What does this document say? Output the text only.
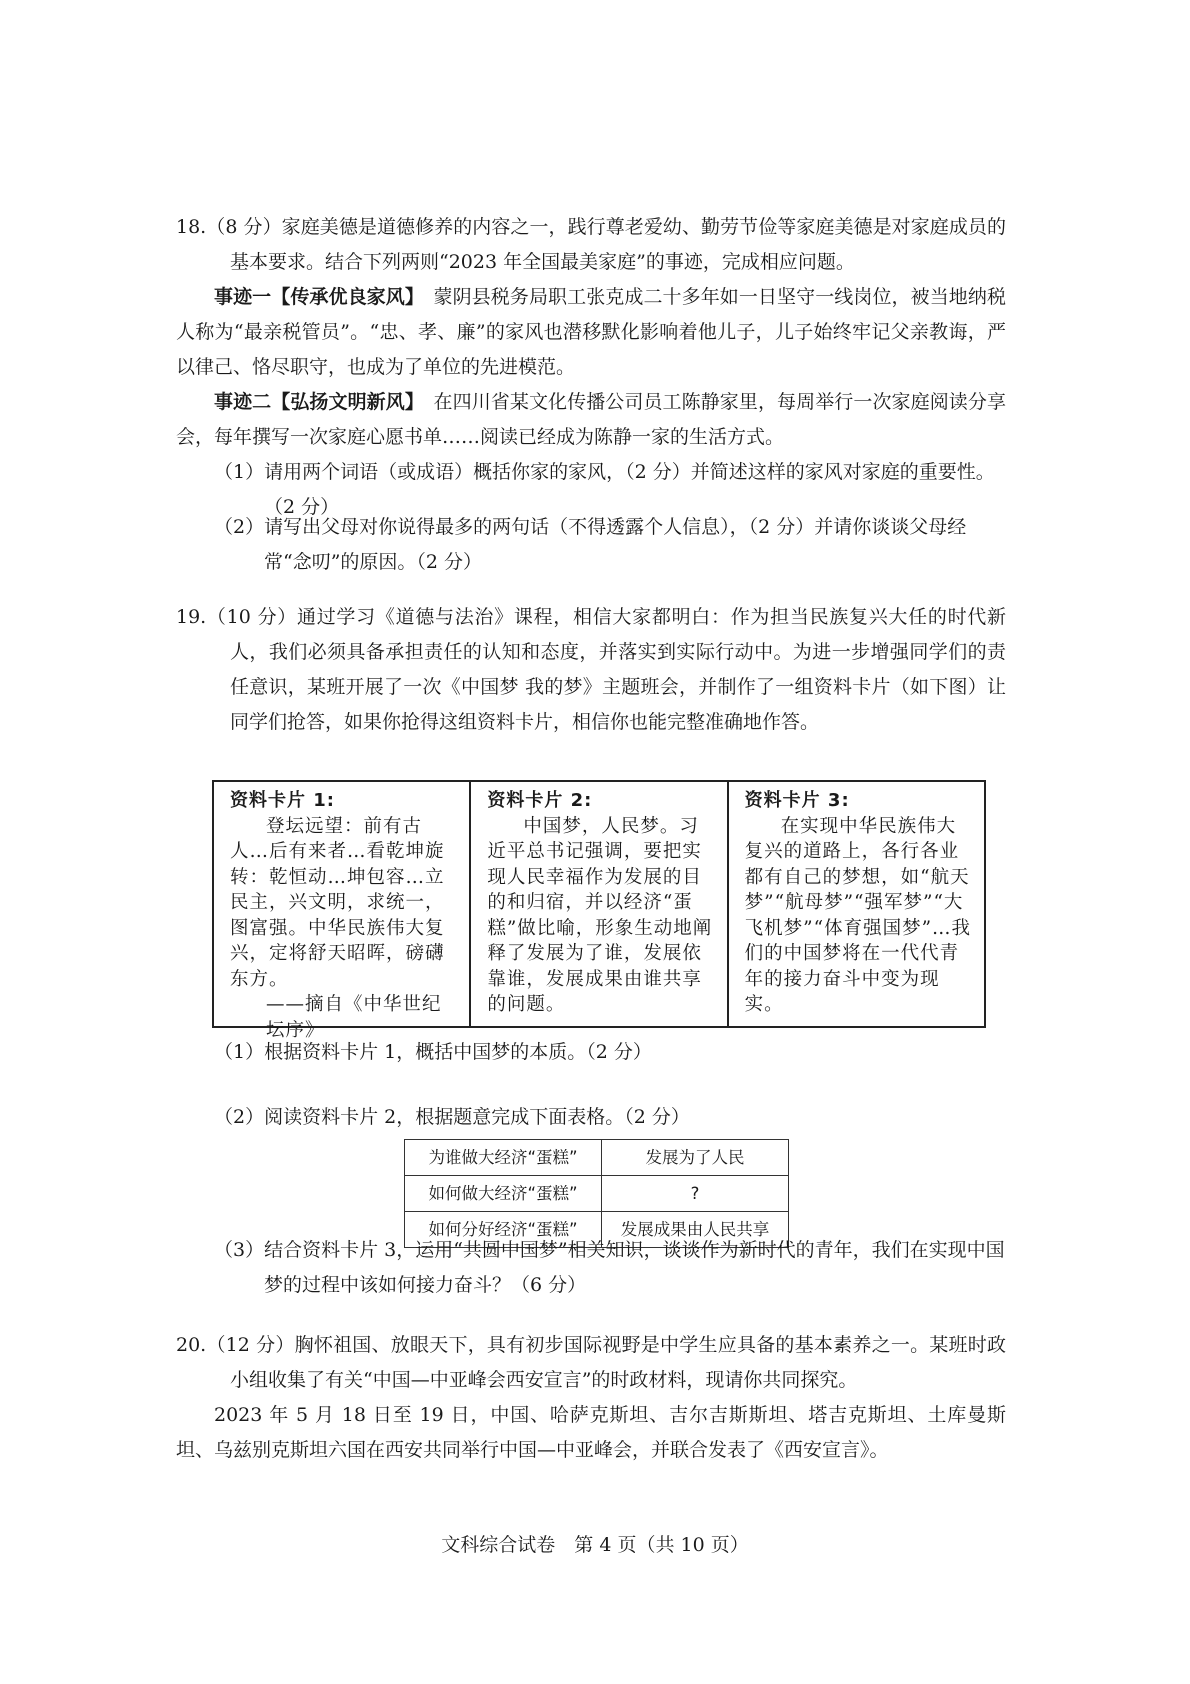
18.（8 分）家庭美德是道德修养的内容之一，践行尊老爱幼、勤劳节俭等家庭美德是对家庭成员的基本要求。结合下列两则“2023 年全国最美家庭”的事迹，完成相应问题。

事迹一【传承优良家风】　 蒙阴县税务局职工张克成二十多年如一日坚守一线岗位，被当地纳税人称为“最亲税管员”。“忠、孝、廉”的家风也潜移默化影响着他儿子，儿子始终牢记父亲教诲，严以律己、恪尽职守，也成为了单位的先进模范。

事迹二【弘扬文明新风】　 在四川省某文化传播公司员工陈静家里，每周举行一次家庭阅读分享会，每年撰写一次家庭心愿书单……阅读已经成为陈静一家的生活方式。

（1）请用两个词语（或成语）概括你家的家风，（2 分）并简述这样的家风对家庭的重要性。（2 分）

（2）请写出父母对你说得最多的两句话（不得透露个人信息），（2 分）并请你谈谈父母经常“念叨”的原因。（2 分）

19.（10 分）通过学习《道德与法治》课程，相信大家都明白：作为担当民族复兴大任的时代新人，我们必须具备承担责任的认知和态度，并落实到实际行动中。为进一步增强同学们的责任意识，某班开展了一次《中国梦 我的梦》主题班会，并制作了一组资料卡片（如下图）让同学们抢答，如果你抢得这组资料卡片，相信你也能完整准确地作答。

资料卡片 1:

登坛远望：前有古人…后有来者…看乾坤旋转：乾恒动…坤包容…立民主，兴文明，求统一，图富强。中华民族伟大复兴，定将舒天昭晖，磅礴东方。

——摘自《中华世纪坛序》

资料卡片 2:

中国梦，人民梦。习近平总书记强调，要把实现人民幸福作为发展的目的和归宿，并以经济“蛋糕”做比喻，形象生动地阐释了发展为了谁，发展依靠谁，发展成果由谁共享的问题。

资料卡片 3:

在实现中华民族伟大复兴的道路上，各行各业都有自己的梦想，如“航天梦”“航母梦”“强军梦”“大飞机梦”“体育强国梦”…我们的中国梦将在一代代青年的接力奋斗中变为现实。

（1）根据资料卡片 1，概括中国梦的本质。（2 分）

（2）阅读资料卡片 2，根据题意完成下面表格。（2 分）

为谁做大经济“蛋糕”	发展为了人民
如何做大经济“蛋糕”	?
如何分好经济“蛋糕”	发展成果由人民共享

（3）结合资料卡片 3，运用“共圆中国梦”相关知识，谈谈作为新时代的青年，我们在实现中国梦的过程中该如何接力奋斗？（6 分）

20.（12 分）胸怀祖国、放眼天下，具有初步国际视野是中学生应具备的基本素养之一。某班时政小组收集了有关“中国—中亚峰会西安宣言”的时政材料，现请你共同探究。

2023 年 5 月 18 日至 19 日，中国、哈萨克斯坦、吉尔吉斯斯坦、塔吉克斯坦、土库曼斯坦、乌兹别克斯坦六国在西安共同举行中国—中亚峰会，并联合发表了《西安宣言》。

文科综合试卷　第 4 页（共 10 页）
